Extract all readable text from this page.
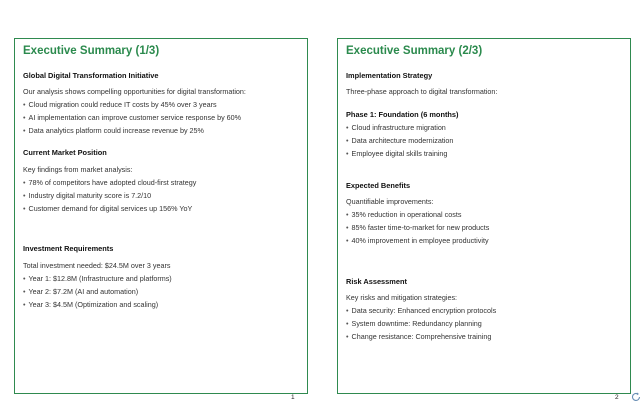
Executive Summary (1/3)
Global Digital Transformation Initiative
Our analysis shows compelling opportunities for digital transformation:
• Cloud migration could reduce IT costs by 45% over 3 years
• AI implementation can improve customer service response by 60%
• Data analytics platform could increase revenue by 25%
Current Market Position
Key findings from market analysis:
• 78% of competitors have adopted cloud-first strategy
• Industry digital maturity score is 7.2/10
• Customer demand for digital services up 156% YoY
Investment Requirements
Total investment needed: $24.5M over 3 years
• Year 1: $12.8M (Infrastructure and platforms)
• Year 2: $7.2M (AI and automation)
• Year 3: $4.5M (Optimization and scaling)
1
Executive Summary (2/3)
Implementation Strategy
Three-phase approach to digital transformation:
Phase 1: Foundation (6 months)
• Cloud infrastructure migration
• Data architecture modernization
• Employee digital skills training
Expected Benefits
Quantifiable improvements:
• 35% reduction in operational costs
• 85% faster time-to-market for new products
• 40% improvement in employee productivity
Risk Assessment
Key risks and mitigation strategies:
• Data security: Enhanced encryption protocols
• System downtime: Redundancy planning
• Change resistance: Comprehensive training
2
